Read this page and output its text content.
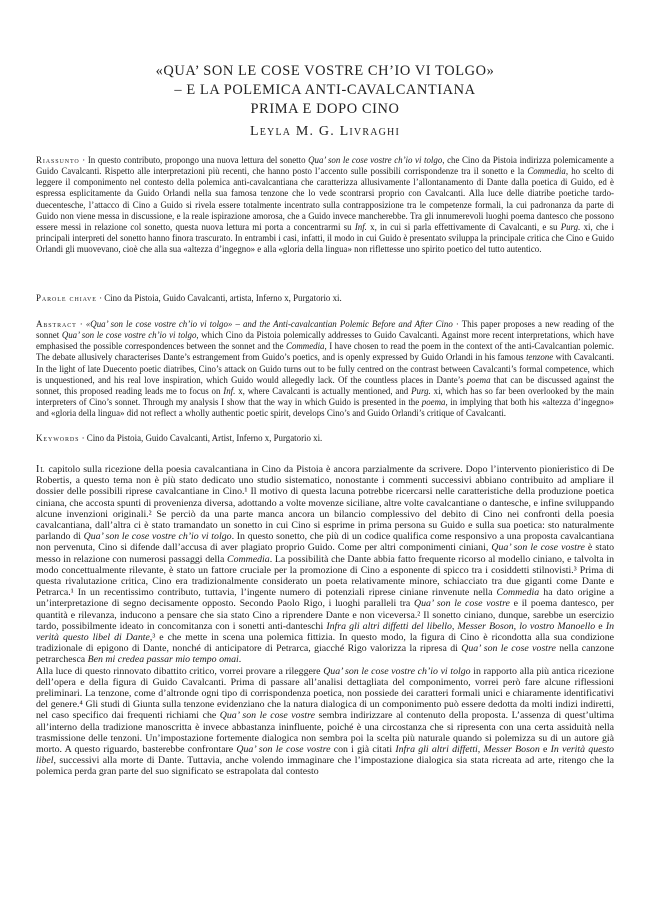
«QUA’ SON LE COSE VOSTRE CH’IO VI TOLGO»
– E LA POLEMICA ANTI-CAVALCANTIANA
PRIMA E DOPO CINO
Leyla M. G. Livraghi

Riassunto · In questo contributo, propongo una nuova lettura del sonetto Qua’ son le cose vostre ch’io vi tolgo, che Cino da Pistoia indirizza polemicamente a Guido Cavalcanti. Rispetto alle interpretazioni più recenti, che hanno posto l’accento sulle possibili corrispondenze tra il sonetto e la Commedia, ho scelto di leggere il componimento nel contesto della polemica anti-cavalcantiana che caratterizza allusivamente l’allontanamento di Dante dalla poetica di Guido, ed è espressa esplicitamente da Guido Orlandi nella sua famosa tenzone che lo vede scontrarsi proprio con Cavalcanti. Alla luce delle diatribe poetiche tardo-duecentesche, l’attacco di Cino a Guido si rivela essere totalmente incentrato sulla contrapposizione tra le competenze formali, la cui padronanza da parte di Guido non viene messa in discussione, e la reale ispirazione amorosa, che a Guido invece mancherebbe. Tra gli innumerevoli luoghi poema dantesco che possono essere messi in relazione col sonetto, questa nuova lettura mi porta a concentrarmi su Inf. x, in cui si parla effettivamente di Cavalcanti, e su Purg. xi, che i principali interpreti del sonetto hanno finora trascurato. In entrambi i casi, infatti, il modo in cui Guido è presentato sviluppa la principale critica che Cino e Guido Orlandi gli muovevano, cioè che alla sua «altezza d’ingegno» e alla «gloria della lingua» non riflettesse uno spirito poetico del tutto autentico.

Parole chiave · Cino da Pistoia, Guido Cavalcanti, artista, Inferno x, Purgatorio xi.

Abstract · «Qua’ son le cose vostre ch’io vi tolgo» – and the Anti-cavalcantian Polemic Before and After Cino · This paper proposes a new reading of the sonnet Qua’ son le cose vostre ch’io vi tolgo, which Cino da Pistoia polemically addresses to Guido Cavalcanti. Against more recent interpretations, which have emphasised the possible correspondences between the sonnet and the Commedia, I have chosen to read the poem in the context of the anti-Cavalcantian polemic. The debate allusively characterises Dante’s estrangement from Guido’s poetics, and is openly expressed by Guido Orlandi in his famous tenzone with Cavalcanti. In the light of late Duecento poetic diatribes, Cino’s attack on Guido turns out to be fully centred on the contrast between Cavalcanti’s formal competence, which is unquestioned, and his real love inspiration, which Guido would allegedly lack. Of the countless places in Dante’s poema that can be discussed against the sonnet, this proposed reading leads me to focus on Inf. x, where Cavalcanti is actually mentioned, and Purg. xi, which has so far been overlooked by the main interpreters of Cino’s sonnet. Through my analysis I show that the way in which Guido is presented in the poema, in implying that both his «altezza d’ingegno» and «gloria della lingua» did not reflect a wholly authentic poetic spirit, develops Cino’s and Guido Orlandi’s critique of Cavalcanti.

Keywords · Cino da Pistoia, Guido Cavalcanti, Artist, Inferno x, Purgatorio xi.

Il capitolo sulla ricezione della poesia cavalcantiana in Cino da Pistoia è ancora parzialmente da scrivere. Dopo l’intervento pionieristico di De Robertis, a questo tema non è più stato dedicato uno studio sistematico, nonostante i commenti successivi abbiano contribuito ad ampliare il dossier delle possibili riprese cavalcantiane in Cino.¹ Il motivo di questa lacuna potrebbe ricercarsi nelle caratteristiche della produzione poetica ciniana, che accosta spunti di provenienza diversa, adottando a volte movenze siciliane, altre volte cavalcantiane o dantesche, e infine sviluppando alcune invenzioni originali.² Se perciò da una parte manca ancora un bilancio complessivo del debito di Cino nei confronti della poesia cavalcantiana, dall’altra ci è stato tramandato un sonetto in cui Cino si esprime in prima persona su Guido e sulla sua poetica: sto naturalmente parlando di Qua’ son le cose vostre ch’io vi tolgo. In questo sonetto, che più di un codice qualifica come responsivo a una proposta cavalcantiana non pervenuta, Cino si difende dall’accusa di aver plagiato proprio Guido. Come per altri componimenti ciniani, Qua’ son le cose vostre è stato messo in relazione con numerosi passaggi della Commedia. La possibilità che Dante abbia fatto frequente ricorso al modello ciniano, e talvolta in modo concettualmente rilevante, è stato un fattore cruciale per la promozione di Cino a esponente di spicco tra i cosiddetti stilnovisti.³ Prima di questa rivalutazione critica, Cino era tradizionalmente considerato un poeta relativamente minore, schiacciato tra due giganti come Dante e Petrarca.¹ In un recentissimo contributo, tuttavia, l’ingente numero di potenziali riprese ciniane rinvenute nella Commedia ha dato origine a un’interpretazione di segno decisamente opposto. Secondo Paolo Rigo, i luoghi paralleli tra Qua’ son le cose vostre e il poema dantesco, per quantità e rilevanza, inducono a pensare che sia stato Cino a riprendere Dante e non viceversa.² Il sonetto ciniano, dunque, sarebbe un esercizio tardo, possibilmente ideato in concomitanza con i sonetti anti-danteschi Infra gli altri diffetti del libello, Messer Boson, lo vostro Manoello e In verità questo libel di Dante,³ e che mette in scena una polemica fittizia. In questo modo, la figura di Cino è ricondotta alla sua condizione tradizionale di epigono di Dante, nonché di anticipatore di Petrarca, giacché Rigo valorizza la ripresa di Qua’ son le cose vostre nella canzone petrarchesca Ben mi credea passar mio tempo omai.

Alla luce di questo rinnovato dibattito critico, vorrei provare a rileggere Qua’ son le cose vostre ch’io vi tolgo in rapporto alla più antica ricezione dell’opera e della figura di Guido Cavalcanti. Prima di passare all’analisi dettagliata del componimento, vorrei però fare alcune riflessioni preliminari. La tenzone, come d’altronde ogni tipo di corrispondenza poetica, non possiede dei caratteri formali unici e chiaramente identificativi del genere.⁴ Gli studi di Giunta sulla tenzone evidenziano che la natura dialogica di un componimento può essere dedotta da molti indizi indiretti, nel caso specifico dai frequenti richiami che Qua’ son le cose vostre sembra indirizzare al contenuto della proposta. L’assenza di quest’ultima all’interno della tradizione manoscritta è invece abbastanza ininfluente, poiché è una circostanza che si ripresenta con una certa assiduità nella trasmissione delle tenzoni. Un’impostazione fortemente dialogica non sembra poi la scelta più naturale quando si polemizza su di un autore già morto. A questo riguardo, basterebbe confrontare Qua’ son le cose vostre con i già citati Infra gli altri diffetti, Messer Boson e In verità questo libel, successivi alla morte di Dante. Tuttavia, anche volendo immaginare che l’impostazione dialogica sia stata ricreata ad arte, ritengo che la polemica perda gran parte del suo significato se estrapolata dal contesto
